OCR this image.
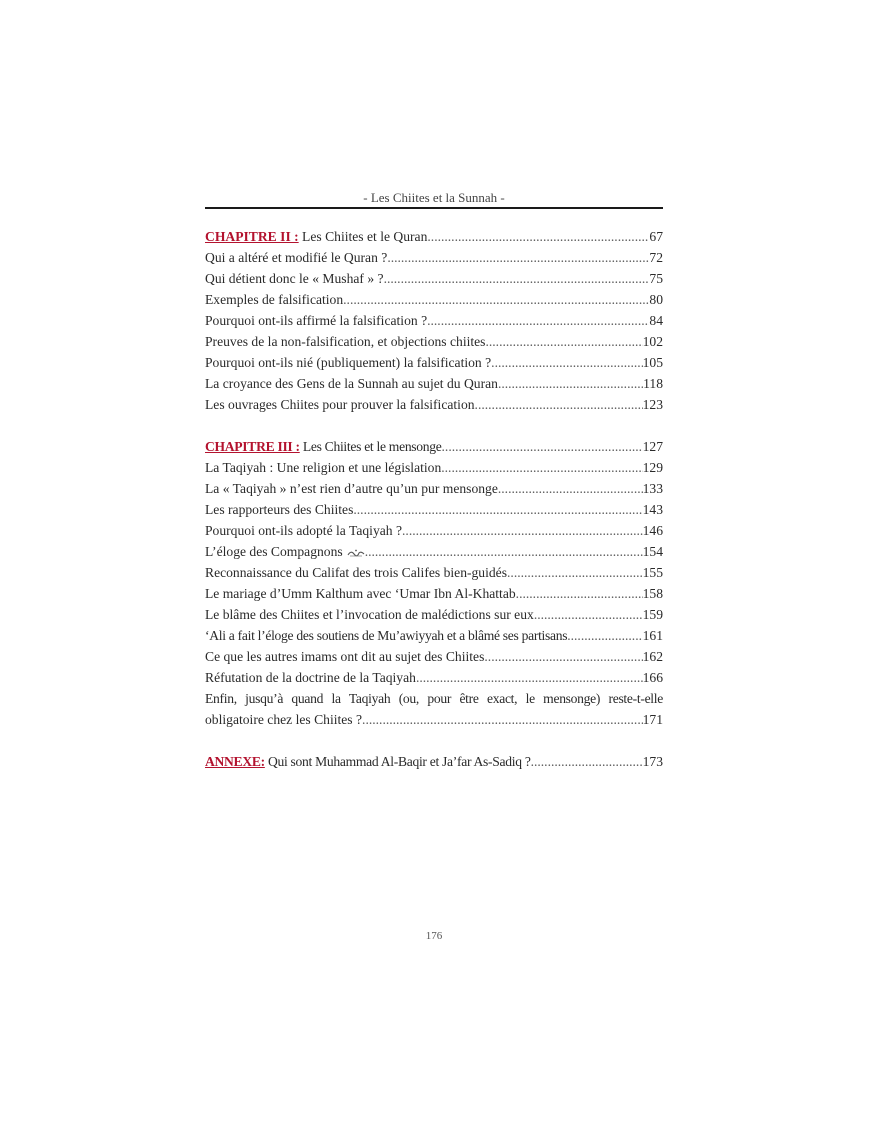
- Les Chiites et la Sunnah -
CHAPITRE II : Les Chiites et le Quran .....	67
Qui a altéré et modifié le Quran ? .....	72
Qui détient donc le « Mushaf » ? .....	75
Exemples de falsification .....	80
Pourquoi ont-ils affirmé la falsification ? .....	84
Preuves de la non-falsification, et objections chiites .....	102
Pourquoi ont-ils nié (publiquement) la falsification ? .....	105
La croyance des Gens de la Sunnah au sujet du Quran .....	118
Les ouvrages Chiites pour prouver la falsification .....	123
CHAPITRE III : Les Chiites et le mensonge .....	127
La Taqiyah : Une religion et une législation .....	129
La « Taqiyah » n’est rien d’autre qu’un pur mensonge .....	133
Les rapporteurs des Chiites .....	143
Pourquoi ont-ils adopté la Taqiyah ? .....	146
L’éloge des Compagnons .....	154
Reconnaissance du Califat des trois Califes bien-guidés .....	155
Le mariage d’Umm Kalthum avec ‘Umar Ibn Al-Khattab .....	158
Le blâme des Chiites et l’invocation de malédictions sur eux .....	159
‘Ali a fait l’éloge des soutiens de Mu’awiyyah et a blâmé ses partisans .....	161
Ce que les autres imams ont dit au sujet des Chiites .....	162
Réfutation de la doctrine de la Taqiyah .....	166
Enfin, jusqu’à quand la Taqiyah (ou, pour être exact, le mensonge) reste-t-elle
obligatoire chez les Chiites ? .....	171
ANNEXE: Qui sont Muhammad Al-Baqir et Ja’far As-Sadiq ? .....	173
176
